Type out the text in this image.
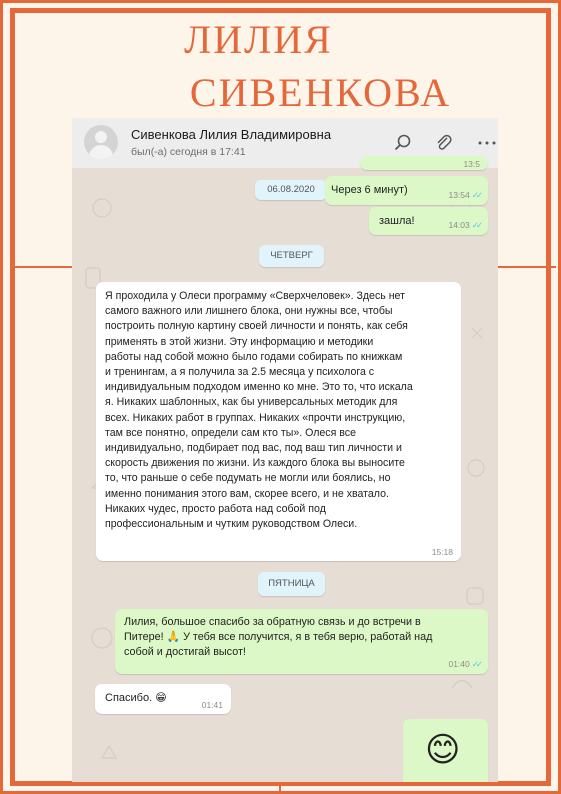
ЛИЛИЯ
СИВЕНКОВА
Сивенкова Лилия Владимировна
был(-а) сегодня в 17:41
13:5
06.08.2020	Через 6 минут)	13:54 ✓✓
зашла!	14:03 ✓✓
ЧЕТВЕРГ
Я проходила у Олеси программу «Сверхчеловек». Здесь нет
самого важного или лишнего блока, они нужны все, чтобы
построить полную картину своей личности и понять, как себя
применять в этой жизни. Эту информацию и методики
работы над собой можно было годами собирать по книжкам
и тренингам, а я получила за 2.5 месяца у психолога с
индивидуальным подходом именно ко мне. Это то, что искала
я. Никаких шаблонных, как бы универсальных методик для
всех. Никаких работ в группах. Никаких «прочти инструкцию,
там все понятно, определи сам кто ты». Олеся все
индивидуально, подбирает под вас, под ваш тип личности и
скорость движения по жизни. Из каждого блока вы выносите
то, что раньше о себе подумать не могли или боялись, но
именно понимания этого вам, скорее всего, и не хватало.
Никаких чудес, просто работа над собой под
профессиональным и чутким руководством Олеси.
15:18
ПЯТНИЦА
Лилия, большое спасибо за обратную связь и до встречи в
Питере! 🙏 У тебя все получится, я в тебя верю, работай над
собой и достигай высот!
01:40 ✓✓
Спасибо. 😁
01:41
😊
